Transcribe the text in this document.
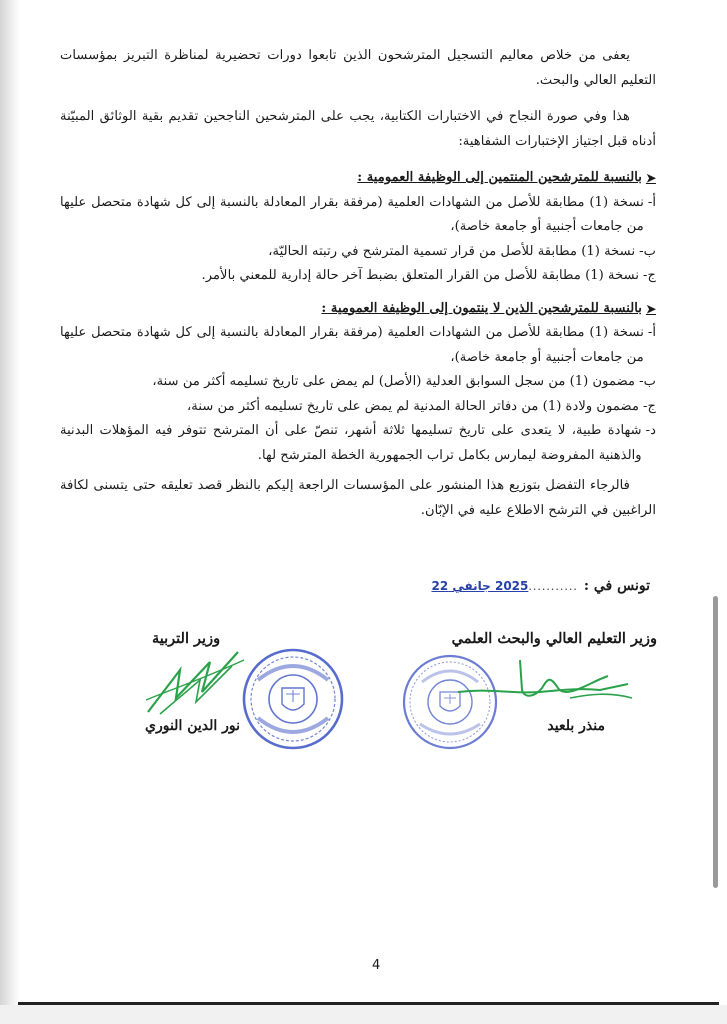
يعفى من خلاص معاليم التسجيل المترشحون الذين تابعوا دورات تحضيرية لمناظرة التبريز بمؤسسات التعليم العالي والبحث.
هذا وفي صورة النجاح في الاختبارات الكتابية، يجب على المترشحين الناجحين تقديم بقية الوثائق المبيّنة أدناه قبل اجتياز الإختبارات الشفاهية:
➤
بالنسبة للمترشحين المنتمين إلى الوظيفة العمومية :
أ-
نسخة (1) مطابقة للأصل من الشهادات العلمية (مرفقة بقرار المعادلة بالنسبة إلى كل شهادة متحصل عليها من جامعات أجنبية أو جامعة خاصة)،
ب-
نسخة (1) مطابقة للأصل من قرار تسمية المترشح في رتبته الحاليّة،
ج-
نسخة (1) مطابقة للأصل من القرار المتعلق بضبط آخر حالة إدارية للمعني بالأمر.
➤
بالنسبة للمترشحين الذين لا ينتمون إلى الوظيفة العمومية :
أ-
نسخة (1) مطابقة للأصل من الشهادات العلمية (مرفقة بقرار المعادلة بالنسبة إلى كل شهادة متحصل عليها من جامعات أجنبية أو جامعة خاصة)،
ب-
مضمون (1) من سجل السوابق العدلية (الأصل) لم يمض على تاريخ تسليمه أكثر من سنة،
ج-
مضمون ولادة (1) من دفاتر الحالة المدنية لم يمض على تاريخ تسليمه أكثر من سنة،
د-
شهادة طبية، لا يتعدى على تاريخ تسليمها ثلاثة أشهر، تنصّ على أن المترشح تتوفر فيه المؤهلات البدنية والذهنية المفروضة ليمارس بكامل تراب الجمهورية الخطة المترشح لها.
فالرجاء التفضل بتوزيع هذا المنشور على المؤسسات الراجعة إليكم بالنظر قصد تعليقه حتى يتسنى لكافة الراغبين في الترشح الاطلاع عليه في الإبّان.
تونس في :
...........
2025 جانفي 22
وزير التعليم العالي والبحث العلمي
وزير التربية
منذر بلعيد
نور الدين النوري
4
